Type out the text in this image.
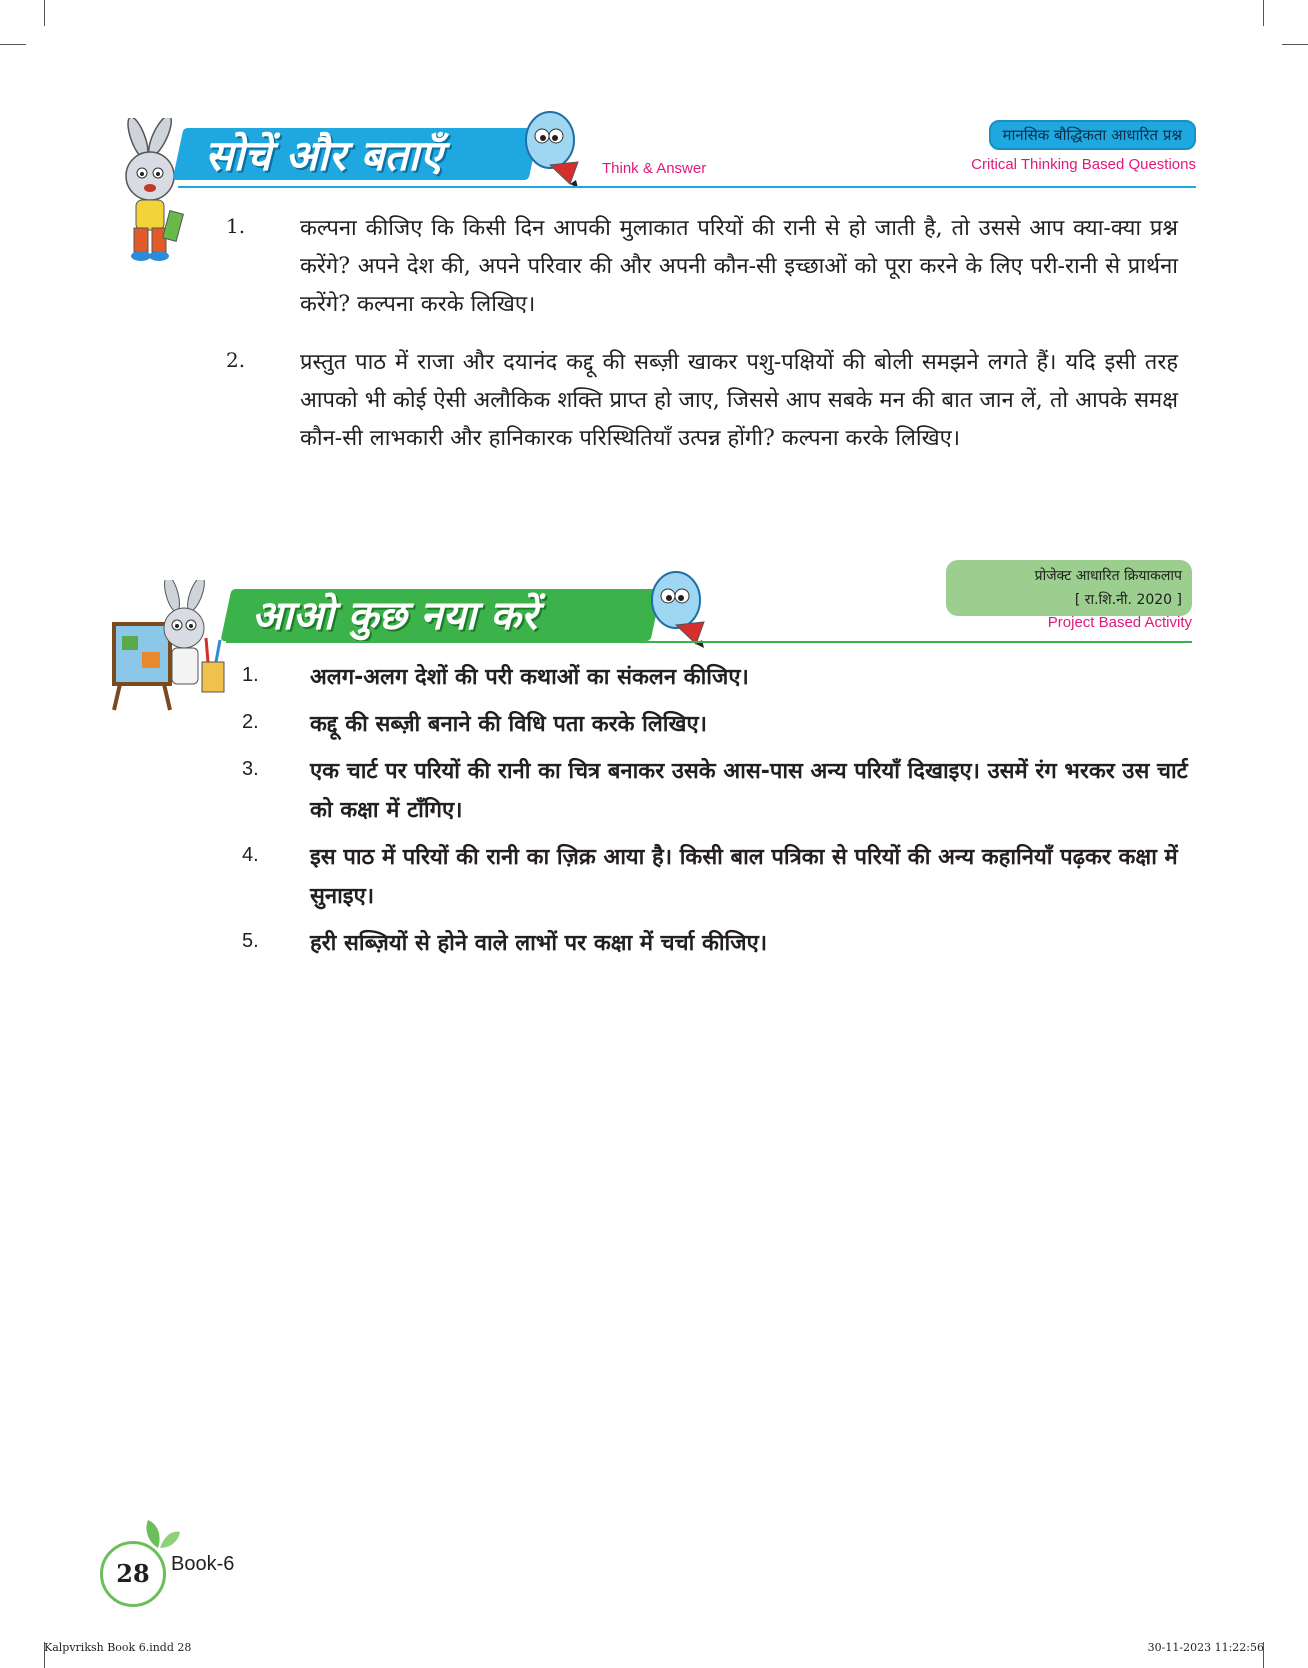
सोचें और बताएँ	Think & Answer
मानसिक बौद्धिकता आधारित प्रश्न
Critical Thinking Based Questions
1.	कल्पना कीजिए कि किसी दिन आपकी मुलाकात परियों की रानी से हो जाती है, तो उससे आप क्या-क्या प्रश्न करेंगे? अपने देश की, अपने परिवार की और अपनी कौन-सी इच्छाओं को पूरा करने के लिए परी-रानी से प्रार्थना करेंगे? कल्पना करके लिखिए।
2.	प्रस्तुत पाठ में राजा और दयानंद कद्दू की सब्ज़ी खाकर पशु-पक्षियों की बोली समझने लगते हैं। यदि इसी तरह आपको भी कोई ऐसी अलौकिक शक्ति प्राप्त हो जाए, जिससे आप सबके मन की बात जान लें, तो आपके समक्ष कौन-सी लाभकारी और हानिकारक परिस्थितियाँ उत्पन्न होंगी? कल्पना करके लिखिए।
आओ कुछ नया करें
प्रोजेक्ट आधारित क्रियाकलाप
[ रा.शि.नी. 2020 ]
Project Based Activity
1.	अलग-अलग देशों की परी कथाओं का संकलन कीजिए।
2.	कद्दू की सब्ज़ी बनाने की विधि पता करके लिखिए।
3.	एक चार्ट पर परियों की रानी का चित्र बनाकर उसके आस-पास अन्य परियाँ दिखाइए। उसमें रंग भरकर उस चार्ट को कक्षा में टाँगिए।
4.	इस पाठ में परियों की रानी का ज़िक्र आया है। किसी बाल पत्रिका से परियों की अन्य कहानियाँ पढ़कर कक्षा में सुनाइए।
5.	हरी सब्ज़ियों से होने वाले लाभों पर कक्षा में चर्चा कीजिए।
28	Book-6
Kalpvriksh Book 6.indd 28	30-11-2023 11:22:56
